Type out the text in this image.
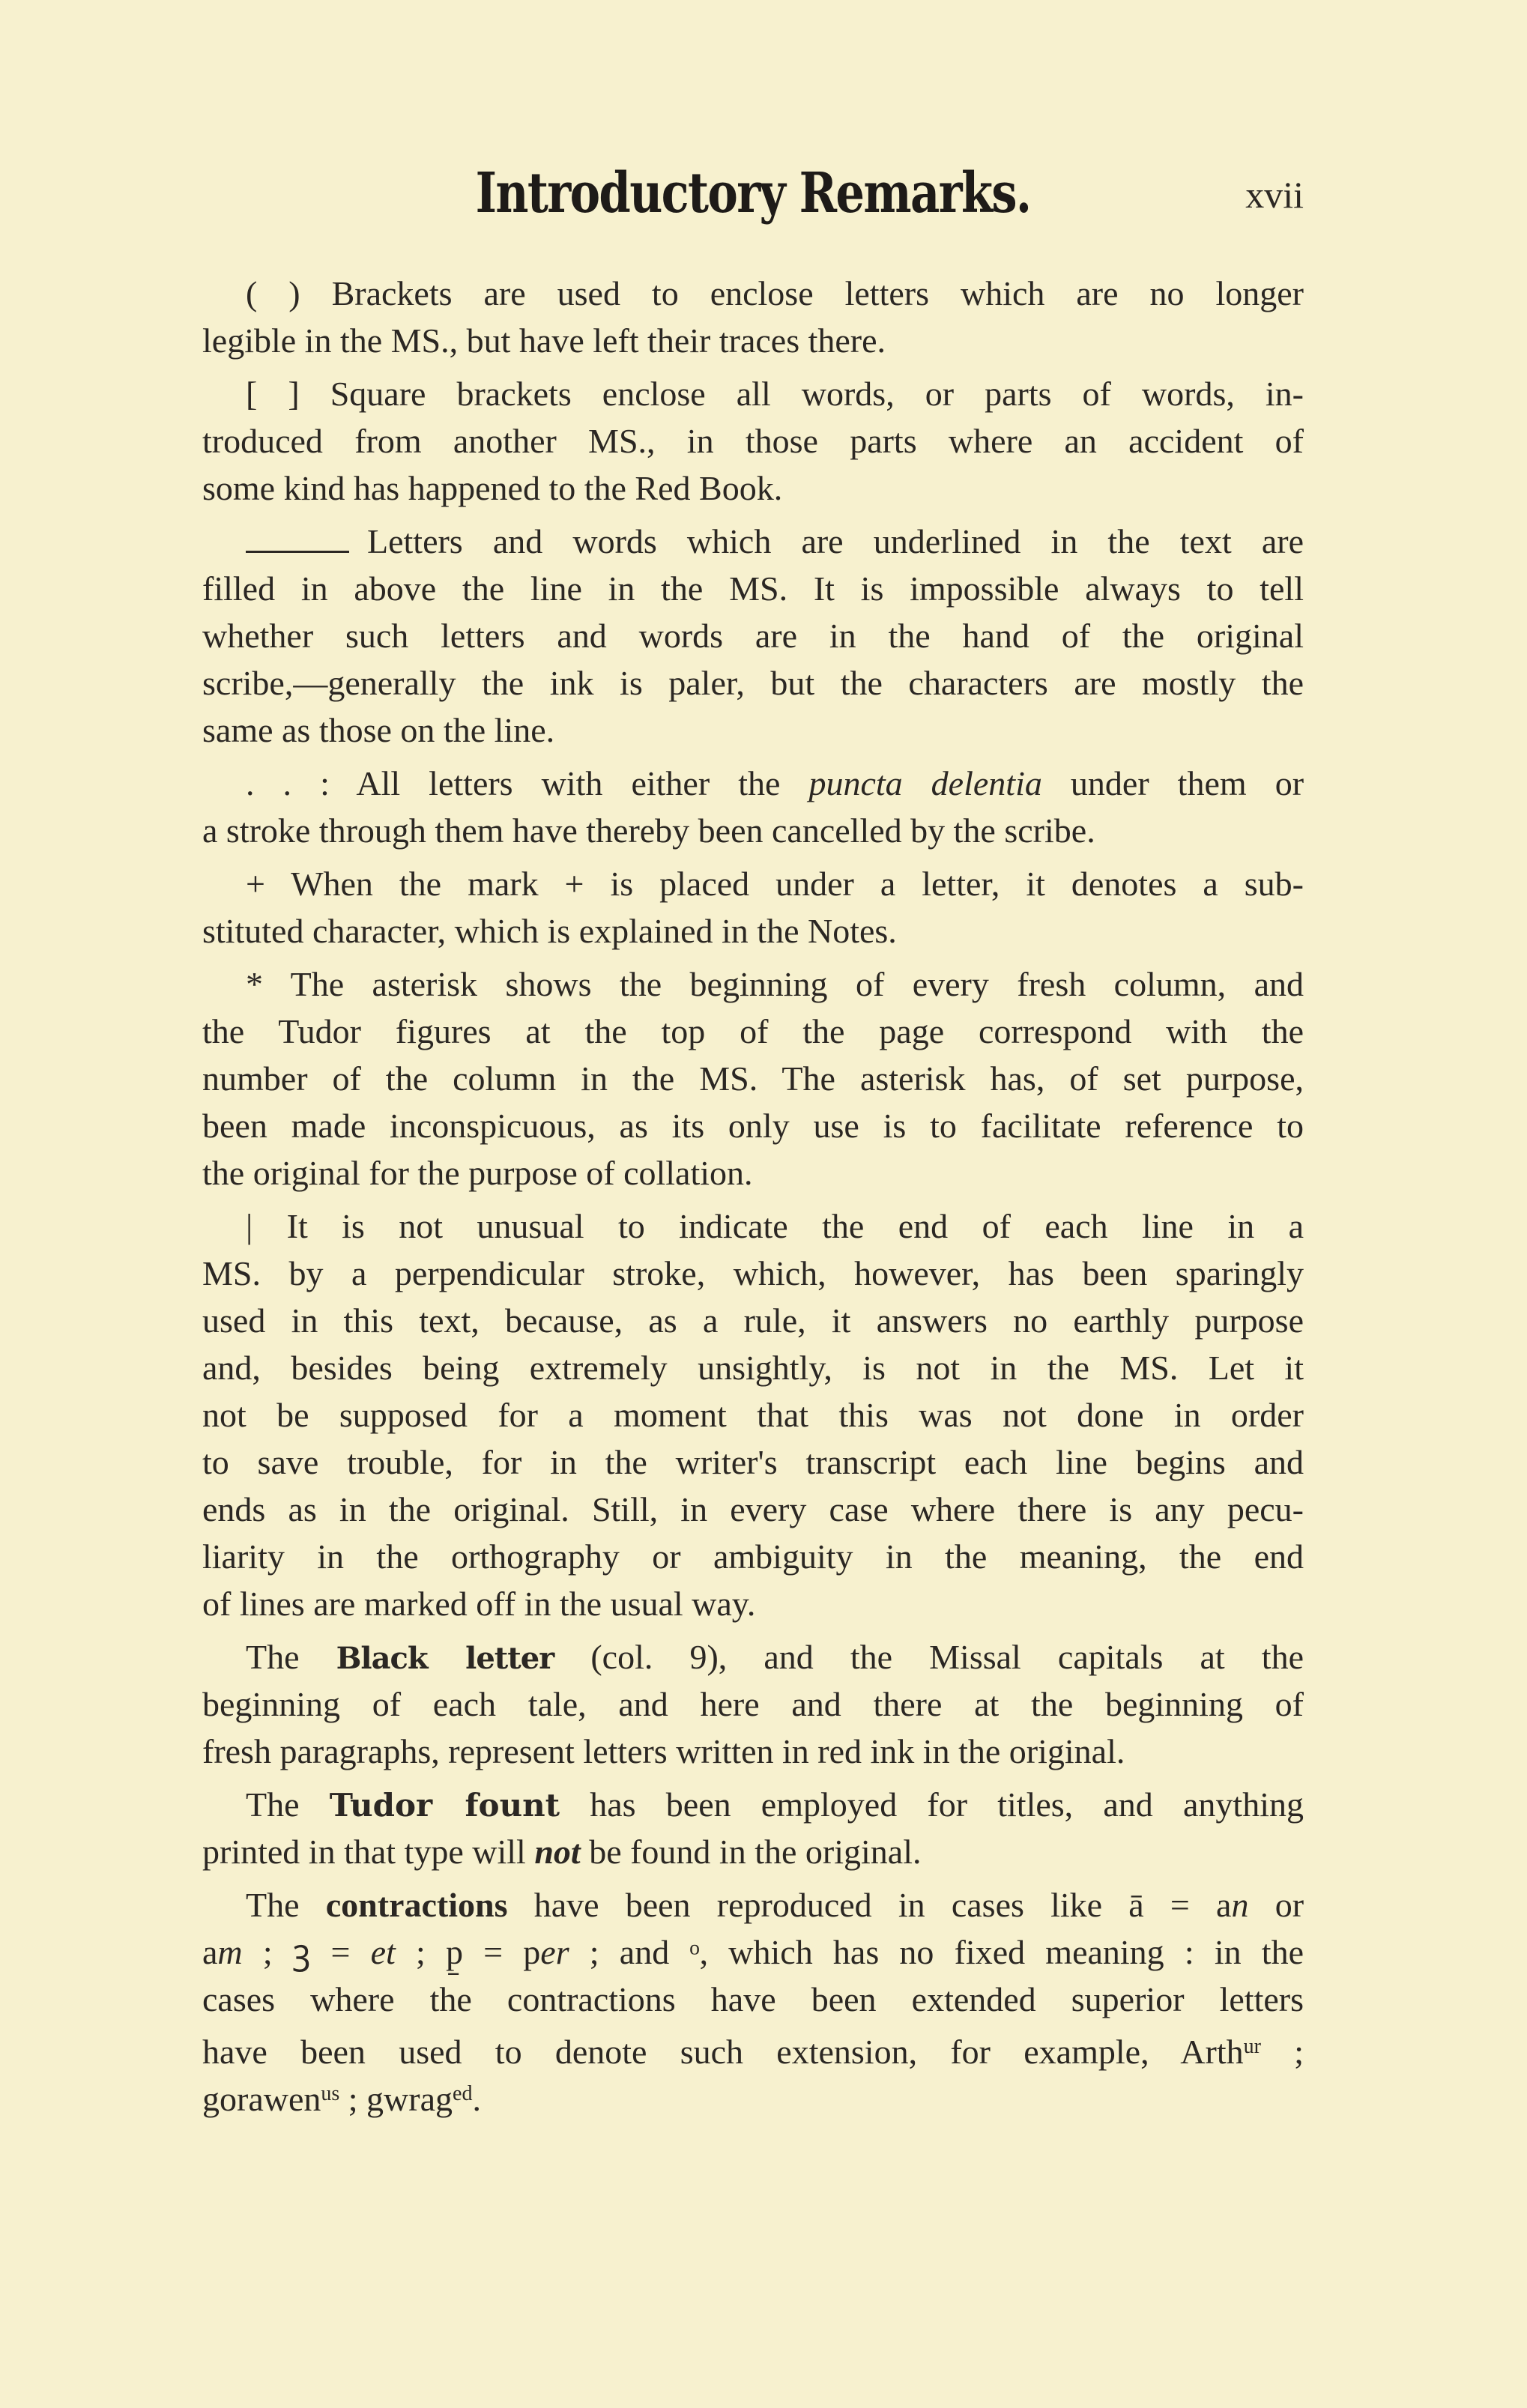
Introductory Remarks.	xvii
( ) Brackets are used to enclose letters which are no longer
legible in the MS., but have left their traces there.
[ ] Square brackets enclose all words, or parts of words, in-
troduced from another MS., in those parts where an accident of
some kind has happened to the Red Book.
Letters and words which are underlined in the text are
filled in above the line in the MS. It is impossible always to tell
whether such letters and words are in the hand of the original
scribe,—generally the ink is paler, but the characters are mostly the
same as those on the line.
. . : All letters with either the puncta delentia under them or
a stroke through them have thereby been cancelled by the scribe.
+ When the mark + is placed under a letter, it denotes a sub-
stituted character, which is explained in the Notes.
* The asterisk shows the beginning of every fresh column, and
the Tudor figures at the top of the page correspond with the
number of the column in the MS. The asterisk has, of set purpose,
been made inconspicuous, as its only use is to facilitate reference to
the original for the purpose of collation.
| It is not unusual to indicate the end of each line in a
MS. by a perpendicular stroke, which, however, has been sparingly
used in this text, because, as a rule, it answers no earthly purpose
and, besides being extremely unsightly, is not in the MS. Let it
not be supposed for a moment that this was not done in order
to save trouble, for in the writer's transcript each line begins and
ends as in the original. Still, in every case where there is any pecu-
liarity in the orthography or ambiguity in the meaning, the end
of lines are marked off in the usual way.
The Black letter (col. 9), and the Missal capitals at the
beginning of each tale, and here and there at the beginning of
fresh paragraphs, represent letters written in red ink in the original.
The Tudor fount has been employed for titles, and anything
printed in that type will not be found in the original.
The contractions have been reproduced in cases like ā = an or
am ; ꝫ = et ; p̱ = per ; and ᵒ, which has no fixed meaning : in the
cases where the contractions have been extended superior letters
have been used to denote such extension, for example, Arth$^{ur}$ ;
gorawen$^{us}$ ; gwrag$^{ed}$.
